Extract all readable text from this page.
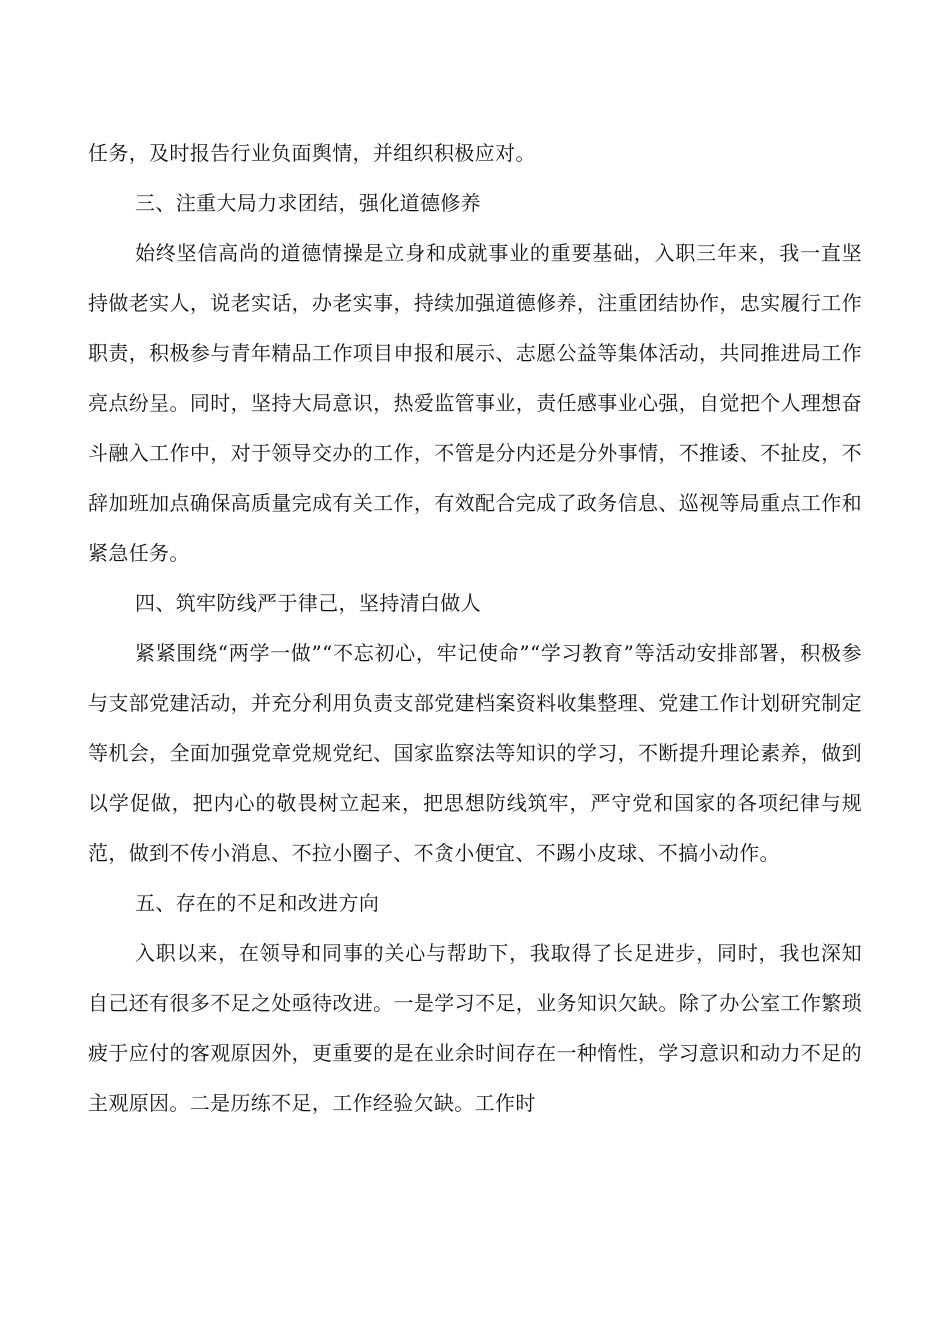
任务，及时报告行业负面舆情，并组织积极应对。

三、注重大局力求团结，强化道德修养

始终坚信高尚的道德情操是立身和成就事业的重要基础，入职三年来，我一直坚持做老实人，说老实话，办老实事，持续加强道德修养，注重团结协作，忠实履行工作职责，积极参与青年精品工作项目申报和展示、志愿公益等集体活动，共同推进局工作亮点纷呈。同时，坚持大局意识，热爱监管事业，责任感事业心强，自觉把个人理想奋斗融入工作中，对于领导交办的工作，不管是分内还是分外事情，不推诿、不扯皮，不辞加班加点确保高质量完成有关工作，有效配合完成了政务信息、巡视等局重点工作和紧急任务。

四、筑牢防线严于律己，坚持清白做人

紧紧围绕“两学一做”“不忘初心，牢记使命”“学习教育”等活动安排部署，积极参与支部党建活动，并充分利用负责支部党建档案资料收集整理、党建工作计划研究制定等机会，全面加强党章党规党纪、国家监察法等知识的学习，不断提升理论素养，做到以学促做，把内心的敬畏树立起来，把思想防线筑牢，严守党和国家的各项纪律与规范，做到不传小消息、不拉小圈子、不贪小便宜、不踢小皮球、不搞小动作。

五、存在的不足和改进方向

入职以来，在领导和同事的关心与帮助下，我取得了长足进步，同时，我也深知自己还有很多不足之处亟待改进。一是学习不足，业务知识欠缺。除了办公室工作繁琐疲于应付的客观原因外，更重要的是在业余时间存在一种惰性，学习意识和动力不足的主观原因。二是历练不足，工作经验欠缺。工作时
